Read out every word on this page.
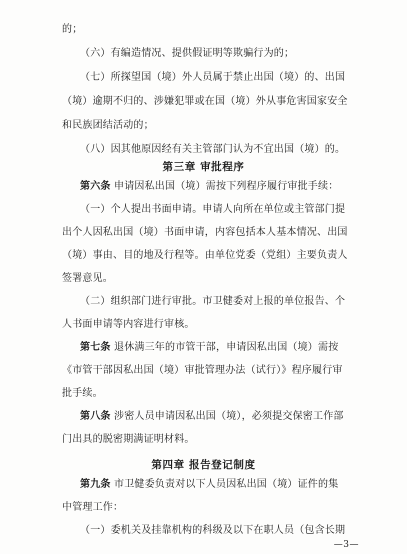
的；

（六）有编造情况、提供假证明等欺骗行为的；

（七）所探望国（境）外人员属于禁止出国（境）的、出国

（境）逾期不归的、涉嫌犯罪或在国（境）外从事危害国家安全

和民族团结活动的；

（八）因其他原因经有关主管部门认为不宜出国（境）的。

第三章 审批程序

第六条 申请因私出国（境）需按下列程序履行审批手续：

（一）个人提出书面申请。申请人向所在单位或主管部门提

出个人因私出国（境）书面申请，内容包括本人基本情况、出国

（境）事由、目的地及行程等。由单位党委（党组）主要负责人

签署意见。

（二）组织部门进行审批。市卫健委对上报的单位报告、个

人书面申请等内容进行审核。

第七条 退休满三年的市管干部，申请因私出国（境）需按

《市管干部因私出国（境）审批管理办法（试行）》程序履行审

批手续。

第八条 涉密人员申请因私出国（境），必须提交保密工作部

门出具的脱密期满证明材料。

第四章 报告登记制度

第九条 市卫健委负责对以下人员因私出国（境）证件的集

中管理工作：

（一）委机关及挂靠机构的科级及以下在职人员（包含长期

—3—
